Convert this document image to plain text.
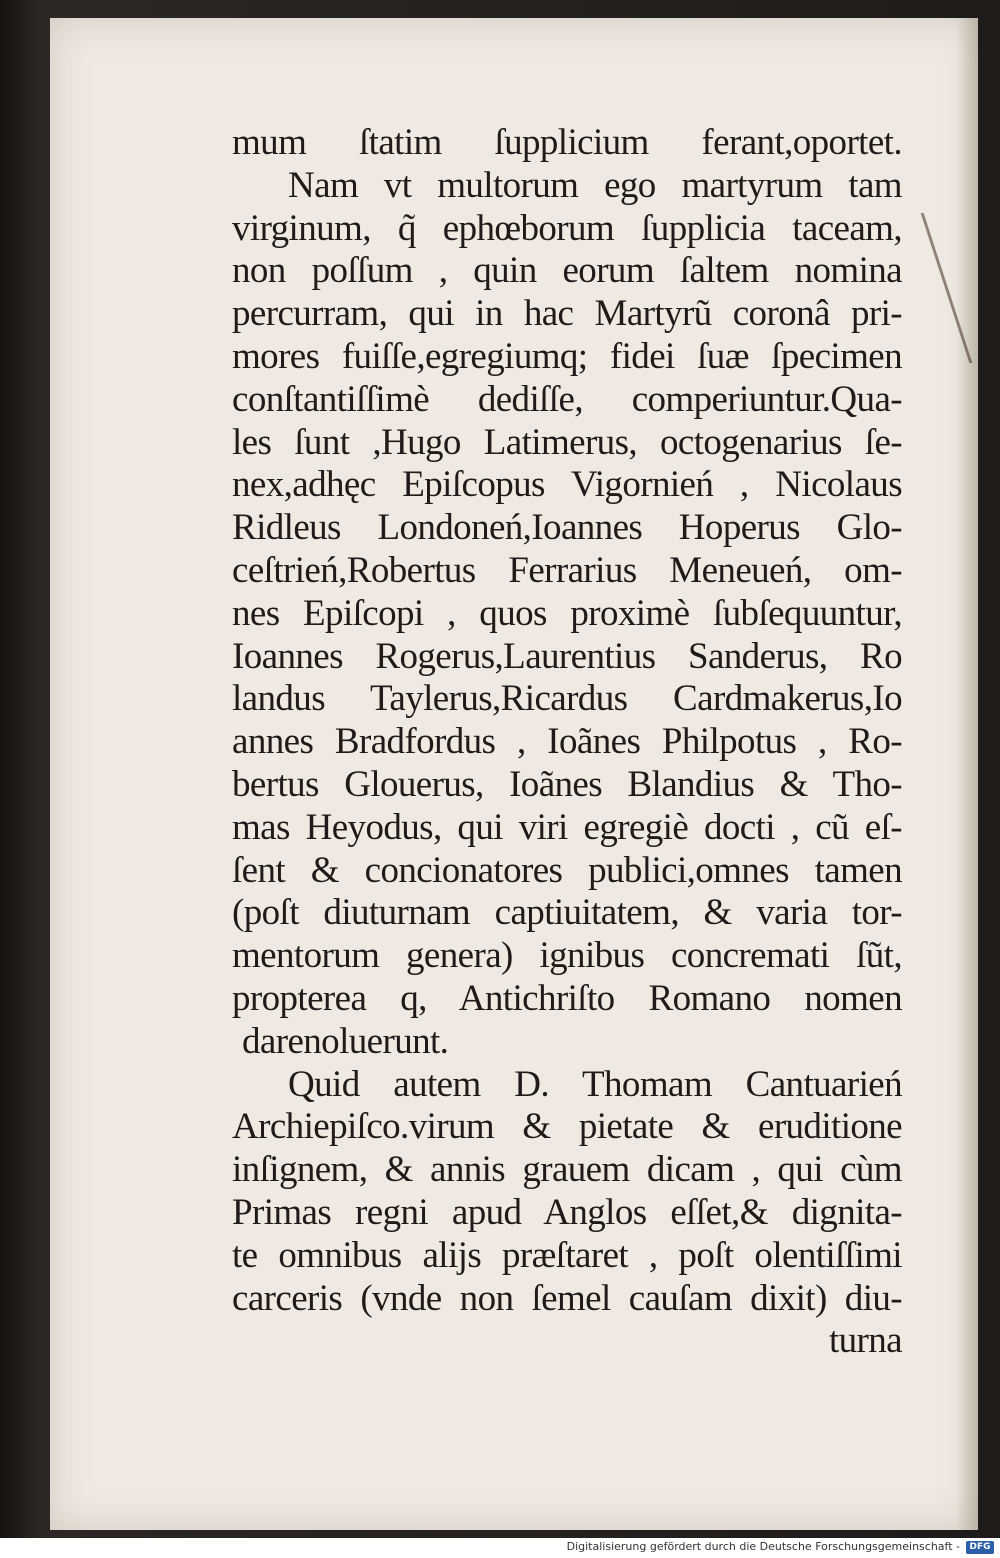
mum ſtatim ſupplicium ferant,oportet.
Nam vt multorum ego martyrum tam
virginum, q̃ ephœborum ſupplicia taceam,
non poſſum , quin eorum ſaltem nomina
percurram, qui in hac Martyrũ coronâ pri-
mores fuiſſe,egregiumq; fidei ſuæ ſpecimen
conſtantiſſimè dediſſe, comperiuntur.Qua-
les ſunt ,Hugo Latimerus, octogenarius ſe-
nex,adhęc Epiſcopus Vigornień , Nicolaus
Ridleus Londoneń,Ioannes Hoperus Glo-
ceſtrień,Robertus Ferrarius Meneueń, om-
nes Epiſcopi , quos proximè ſubſequuntur,
Ioannes Rogerus,Laurentius Sanderus, Ro
landus Taylerus,Ricardus Cardmakerus,Io
annes Bradfordus , Ioãnes Philpotus , Ro-
bertus Glouerus, Ioãnes Blandius & Tho-
mas Heyodus, qui viri egregiè docti , cũ eſ-
ſent & concionatores publici,omnes tamen
(poſt diuturnam captiuitatem, & varia tor-
mentorum genera) ignibus concremati ſũt,
propterea q, Antichriſto Romano nomen
darenoluerunt.
Quid autem D. Thomam Cantuarień
Archiepiſco.virum & pietate & eruditione
inſignem, & annis grauem dicam , qui cùm
Primas regni apud Anglos eſſet,& dignita-
te omnibus alijs præſtaret , poſt olentiſſimi
carceris (vnde non ſemel cauſam dixit) diu-
turna
Digitalisierung gefördert durch die Deutsche Forschungsgemeinschaft -	DFG
